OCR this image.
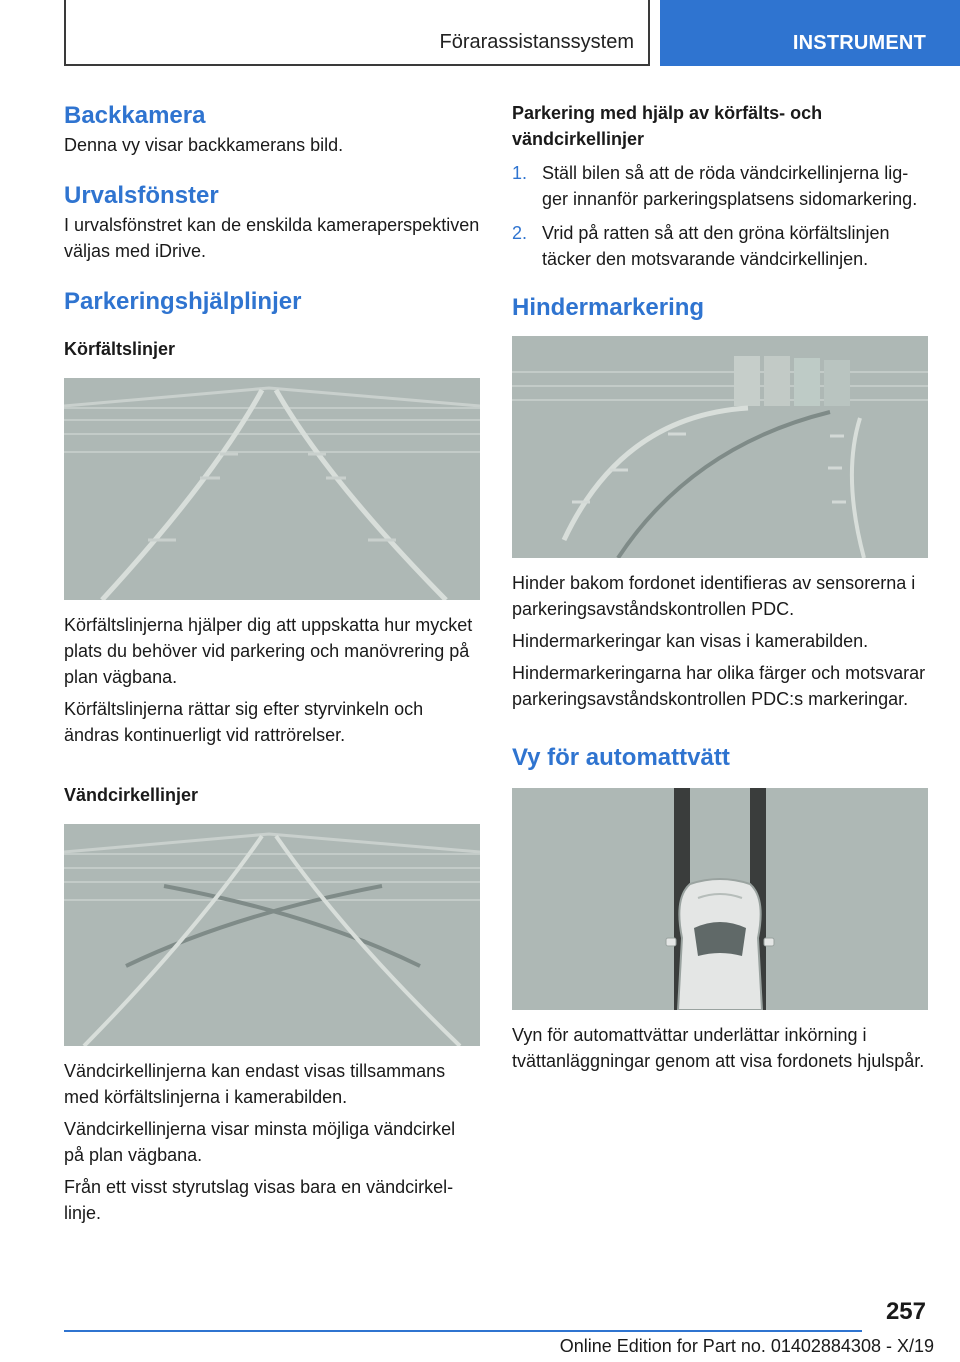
Förarassistanssystem	INSTRUMENT
Backkamera

Denna vy visar backkamerans bild.

Urvalsfönster

I urvalsfönstret kan de enskilda kameraperspektiven väljas med iDrive.

Parkeringshjälplinjer
Körfältslinjer

Körfältslinjerna hjälper dig att uppskatta hur mycket plats du behöver vid parkering och manövrering på plan vägbana.

Körfältslinjerna rättar sig efter styrvinkeln och ändras kontinuerligt vid rattrörelser.

Vändcirkellinjer

Vändcirkellinjerna kan endast visas tillsammans med körfältslinjerna i kamerabilden.

Vändcirkellinjerna visar minsta möjliga vändcirkel på plan vägbana.

Från ett visst styrutslag visas bara en vändcirkellinje.

Parkering med hjälp av körfälts- och vändcirkellinjer
1. Ställ bilen så att de röda vändcirkellinjerna ligger innanför parkeringsplatsens sidomarkering.
2. Vrid på ratten så att den gröna körfältslinjen täcker den motsvarande vändcirkellinjen.
Hindermarkering

Hinder bakom fordonet identifieras av sensorerna i parkeringsavståndskontrollen PDC.

Hindermarkeringar kan visas i kamerabilden.

Hindermarkeringarna har olika färger och motsvarar parkeringsavståndskontrollen PDC:s markeringar.

Vy för automattvätt

Vyn för automattvättar underlättar inkörning i tvättanläggningar genom att visa fordonets hjulspår.

257
Online Edition for Part no. 01402884308 - X/19
